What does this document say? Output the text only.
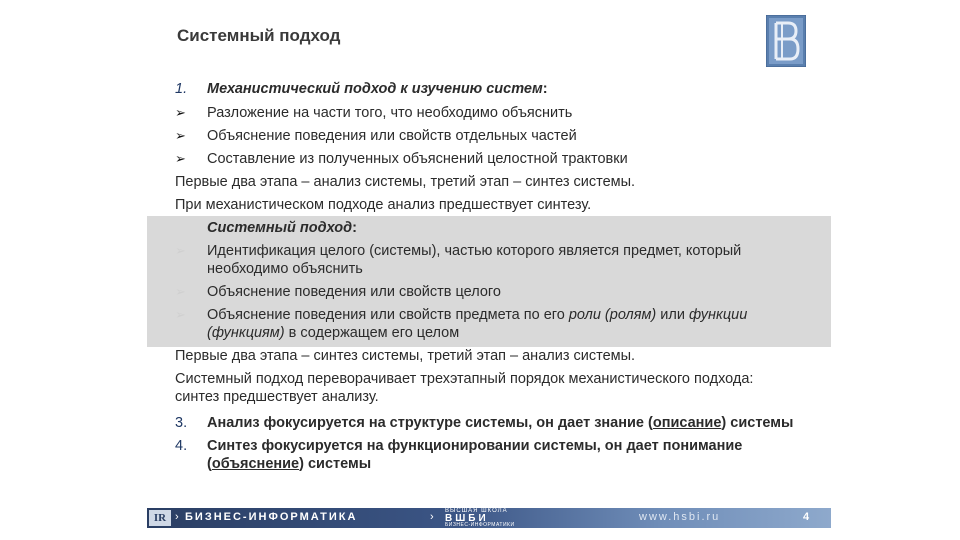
Системный подход
1. Механистический подход к изучению систем:
➢ Разложение на части того, что необходимо объяснить
➢ Объяснение поведения или свойств отдельных частей
➢ Составление из полученных объяснений целостной трактовки
Первые два этапа – анализ системы, третий этап – синтез системы.
При механистическом подходе анализ предшествует синтезу.
Системный подход:
➢ Идентификация целого (системы), частью которого является предмет, который
необходимо объяснить
➢ Объяснение поведения или свойств целого
➢ Объяснение поведения или свойств предмета по его роли (ролям) или функции
(функциям) в содержащем его целом
Первые два этапа – синтез системы, третий этап – анализ системы.
Системный подход переворачивает трехэтапный порядок механистического подхода:
синтез предшествует анализу.
3. Анализ фокусируется на структуре системы, он дает знание (описание) системы
4. Синтез фокусируется на функционировании системы, он дает понимание
(объяснение) системы
IR › БИЗНЕС-ИНФОРМАТИКА	› ВЫСШАЯ ШКОЛА
ВШБИ
БИЗНЕС-ИНФОРМАТИКИ
www.hsbi.ru	4
